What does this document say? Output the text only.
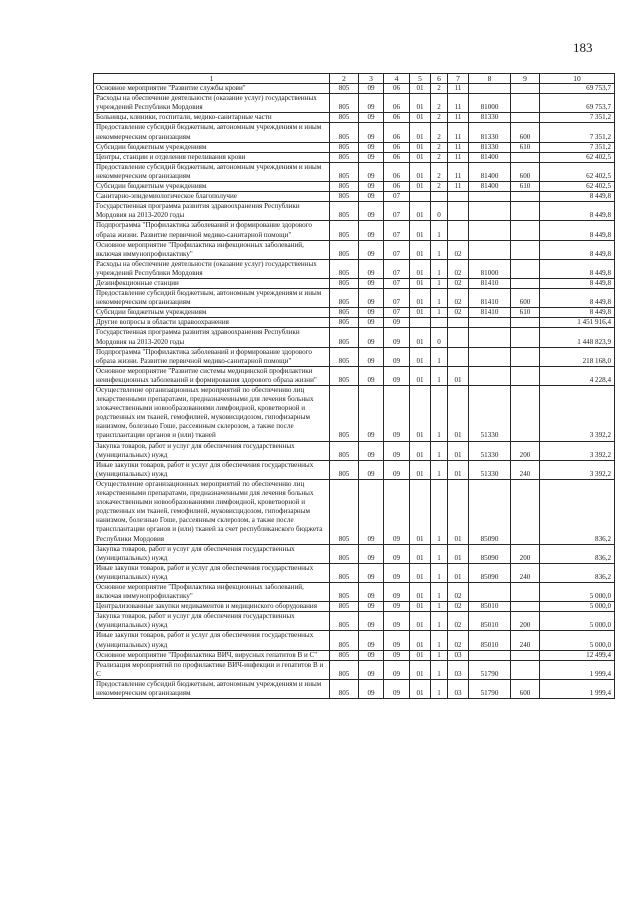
183
1	2	3	4	5	6	7	8	9	10
Основное мероприятие "Развитие службы крови"	805	09	06	01	2	11			69 753,7
Расходы на обеспечение деятельности (оказание услуг) государственных учреждений Республики Мордовия	805	09	06	01	2	11	81000		69 753,7
Больницы, клиники, госпитали, медико-санитарные части	805	09	06	01	2	11	81330		7 351,2
Предоставление субсидий бюджетным, автономным учреждениям и иным некоммерческим организациям	805	09	06	01	2	11	81330	600	7 351,2
Субсидии бюджетным учреждениям	805	09	06	01	2	11	81330	610	7 351,2
Центры, станции и отделения переливания крови	805	09	06	01	2	11	81400		62 402,5
Предоставление субсидий бюджетным, автономным учреждениям и иным некоммерческим организациям	805	09	06	01	2	11	81400	600	62 402,5
Субсидии бюджетным учреждениям	805	09	06	01	2	11	81400	610	62 402,5
Санитарно-эпидемиологическое благополучие	805	09	07						8 449,8
Государственная программа развития здравоохранения Республики Мордовия на 2013-2020 годы	805	09	07	01	0				8 449,8
Подпрограмма "Профилактика заболеваний и формирование здорового образа жизни. Развитие первичной медико-санитарной помощи"	805	09	07	01	1				8 449,8
Основное мероприятие "Профилактика инфекционных заболеваний, включая иммунопрофилактику"	805	09	07	01	1	02			8 449,8
Расходы на обеспечение деятельности (оказание услуг) государственных учреждений Республики Мордовия	805	09	07	01	1	02	81000		8 449,8
Дезинфекционные станции	805	09	07	01	1	02	81410		8 449,8
Предоставление субсидий бюджетным, автономным учреждениям и иным некоммерческим организациям	805	09	07	01	1	02	81410	600	8 449,8
Субсидии бюджетным учреждениям	805	09	07	01	1	02	81410	610	8 449,8
Другие вопросы в области здравоохранения	805	09	09						1 451 916,4
Государственная программа развития здравоохранения Республики Мордовия на 2013-2020 годы	805	09	09	01	0				1 448 823,9
Подпрограмма "Профилактика заболеваний и формирование здорового образа жизни. Развитие первичной медико-санитарной помощи"	805	09	09	01	1				218 168,0
Основное мероприятие "Развитие системы медицинской профилактики неинфекционных заболеваний и формирования здорового образа жизни"	805	09	09	01	1	01			4 228,4
Осуществление организационных мероприятий по обеспечению лиц лекарственными препаратами, предназначенными для лечения больных злокачественными новообразованиями лимфоидной, кроветворной и родственных им тканей, гемофилией, муковисцидозом, гипофизарным нанизмом, болезнью Гоше, рассеянным склерозом, а также после трансплантации органов и (или) тканей	805	09	09	01	1	01	51330		3 392,2
Закупка товаров, работ и услуг для обеспечения государственных (муниципальных) нужд	805	09	09	01	1	01	51330	200	3 392,2
Иные закупки товаров, работ и услуг для обеспечения государственных (муниципальных) нужд	805	09	09	01	1	01	51330	240	3 392,2
Осуществление организационных мероприятий по обеспечению лиц лекарственными препаратами, предназначенными для лечения больных злокачественными новообразованиями лимфоидной, кроветворной и родственных им тканей, гемофилией, муковисцидозом, гипофизарным нанизмом, болезнью Гоше, рассеянным склерозом, а также после трансплантации органов и (или) тканей за счет республиканского бюджета Республики Мордовия	805	09	09	01	1	01	85090		836,2
Закупка товаров, работ и услуг для обеспечения государственных (муниципальных) нужд	805	09	09	01	1	01	85090	200	836,2
Иные закупки товаров, работ и услуг для обеспечения государственных (муниципальных) нужд	805	09	09	01	1	01	85090	240	836,2
Основное мероприятие "Профилактика инфекционных заболеваний, включая иммунопрофилактику"	805	09	09	01	1	02			5 000,0
Централизованные закупки медикаментов и медицинского оборудования	805	09	09	01	1	02	85010		5 000,0
Закупка товаров, работ и услуг для обеспечения государственных (муниципальных) нужд	805	09	09	01	1	02	85010	200	5 000,0
Иные закупки товаров, работ и услуг для обеспечения государственных (муниципальных) нужд	805	09	09	01	1	02	85010	240	5 000,0
Основное мероприятие "Профилактика ВИЧ, вирусных гепатитов В и С"	805	09	09	01	1	03			12 499,4
Реализация мероприятий по профилактике ВИЧ-инфекции и гепатитов В и С	805	09	09	01	1	03	51790		1 999,4
Предоставление субсидий бюджетным, автономным учреждениям и иным некоммерческим организациям	805	09	09	01	1	03	51790	600	1 999,4
